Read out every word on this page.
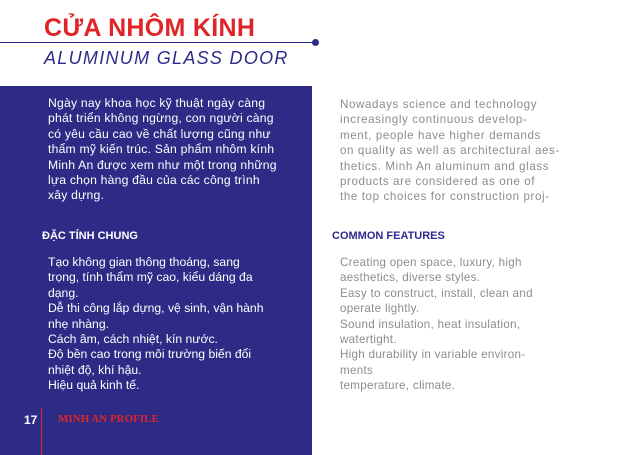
CỬA NHÔM KÍNH
ALUMINUM GLASS DOOR

Ngày nay khoa học kỹ thuật ngày càng
phát triển không ngừng, con người càng
có yêu cầu cao về chất lượng cũng như
thẩm mỹ kiến trúc. Sản phẩm nhôm kính
Minh An được xem như một trong những
lựa chọn hàng đầu của các công trình
xây dựng.

ĐẶC TÍNH CHUNG
Tạo không gian thông thoáng, sang
trọng, tính thẩm mỹ cao, kiểu dáng đa
dạng.
Dễ thi công lắp dựng, vệ sinh, vận hành
nhẹ nhàng.
Cách âm, cách nhiệt, kín nước.
Độ bền cao trong môi trường biến đổi
nhiệt độ, khí hậu.
Hiệu quả kinh tế.
17 MINH AN PROFILE

Nowadays science and technology
increasingly continuous develop-
ment, people have higher demands
on quality as well as architectural aes-
thetics. Minh An aluminum and glass
products are considered as one of
the top choices for construction proj-

COMMON FEATURES
Creating open space, luxury, high
aesthetics, diverse styles.
Easy to construct, install, clean and
operate lightly.
Sound insulation, heat insulation,
watertight.
High durability in variable environ-
ments
temperature, climate.
